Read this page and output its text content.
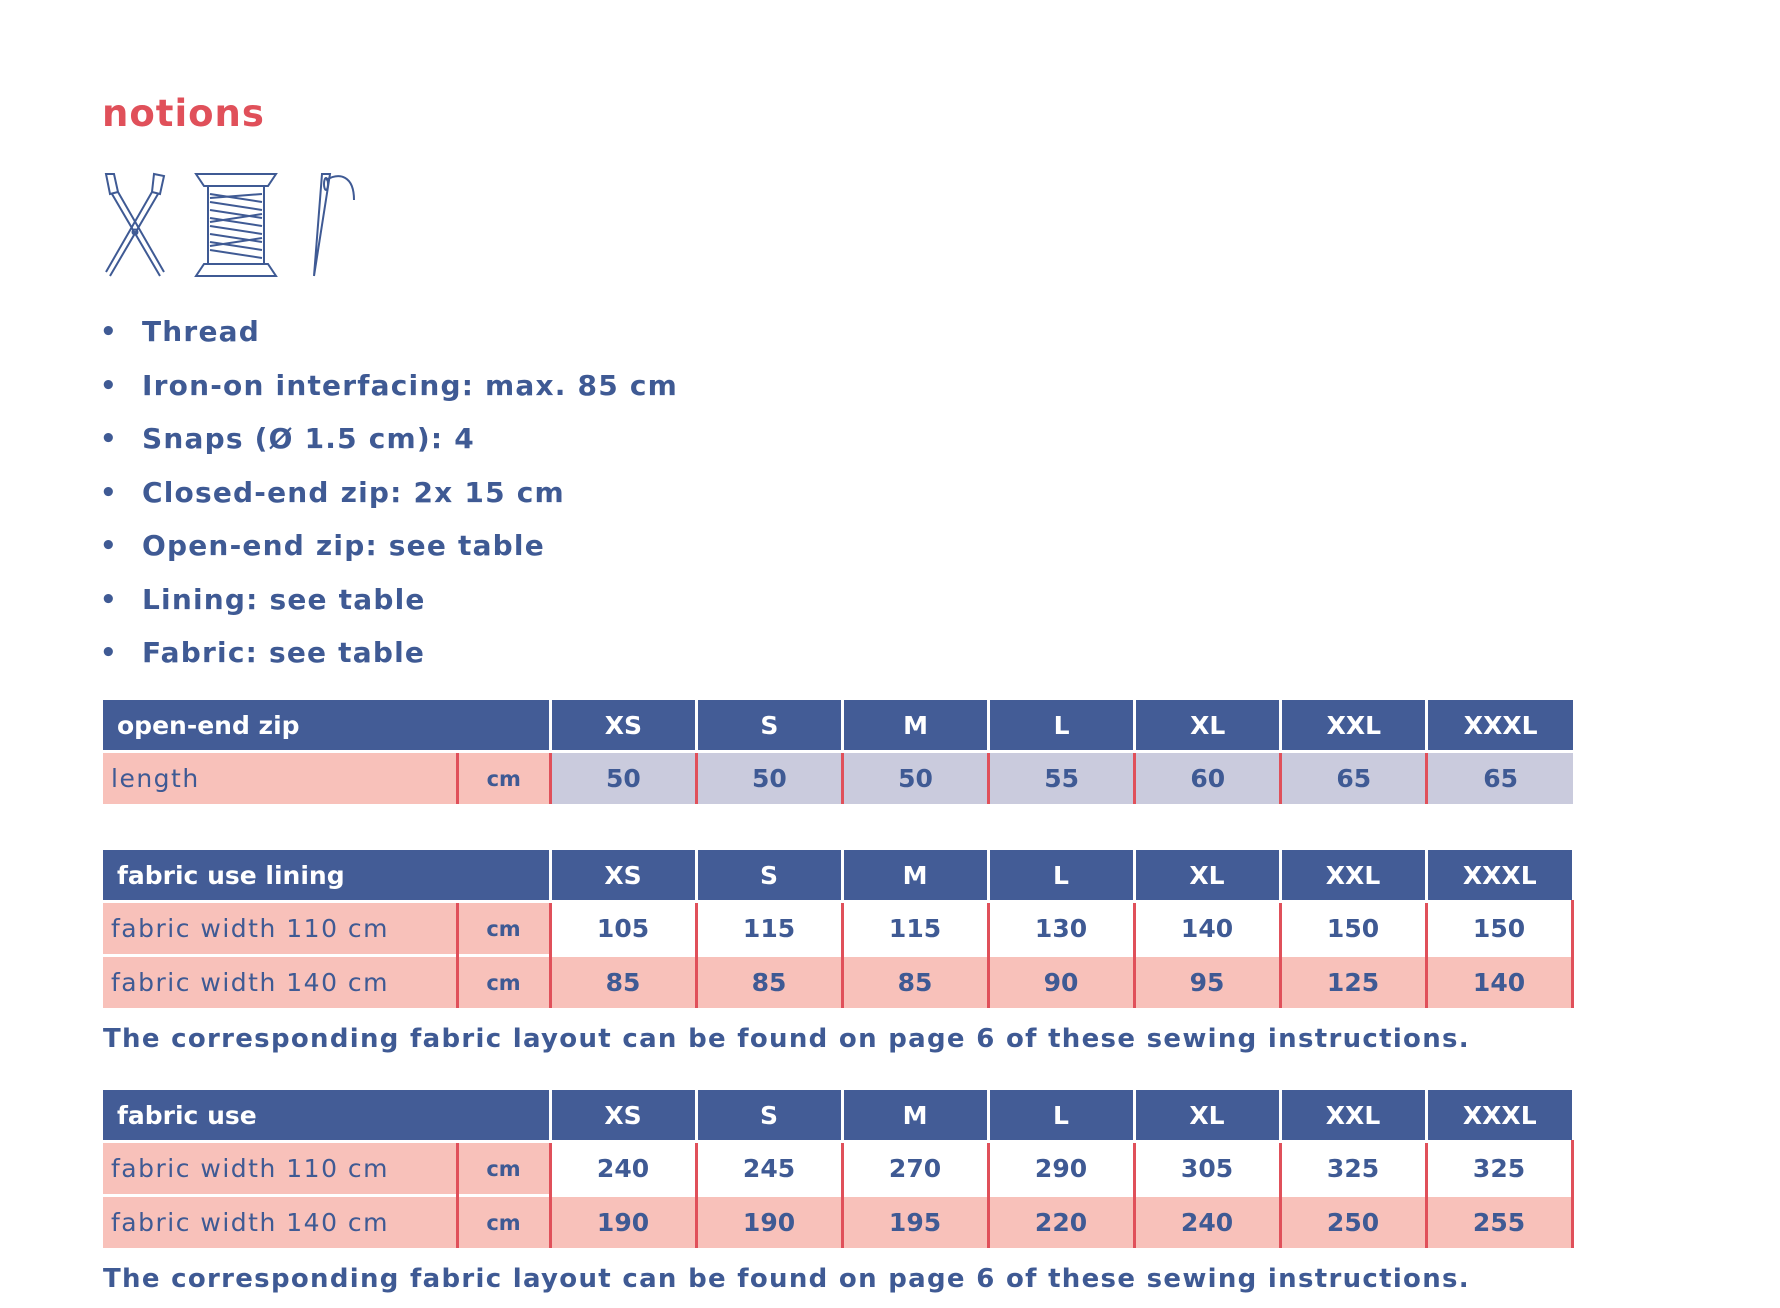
notions
• Thread
• Iron-on interfacing: max. 85 cm
• Snaps (Ø 1.5 cm): 4
• Closed-end zip: 2x 15 cm
• Open-end zip: see table
• Lining: see table
• Fabric: see table
open-end zip		XS	S	M	L	XL	XXL	XXXL
length	cm	50	50	50	55	60	65	65
fabric use lining		XS	S	M	L	XL	XXL	XXXL
fabric width 110 cm	cm	105	115	115	130	140	150	150
fabric width 140 cm	cm	85	85	85	90	95	125	140
The corresponding fabric layout can be found on page 6 of these sewing instructions.
fabric use		XS	S	M	L	XL	XXL	XXXL
fabric width 110 cm	cm	240	245	270	290	305	325	325
fabric width 140 cm	cm	190	190	195	220	240	250	255
The corresponding fabric layout can be found on page 6 of these sewing instructions.
